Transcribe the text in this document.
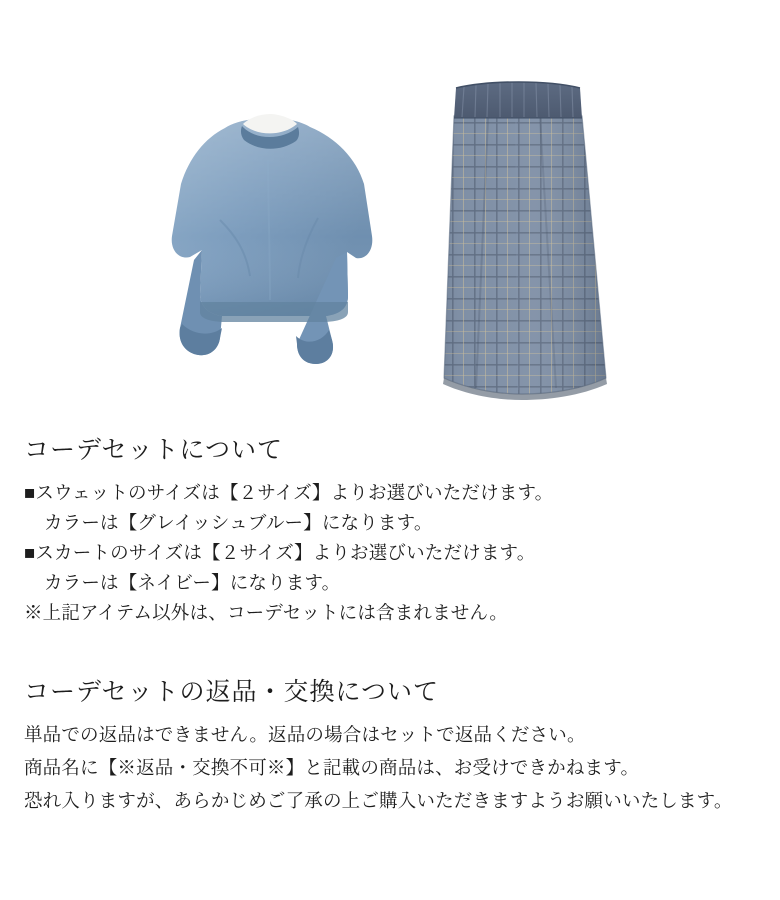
コーデセットについて
■スウェットのサイズは【２サイズ】よりお選びいただけます。
カラーは【グレイッシュブルー】になります。
■スカートのサイズは【２サイズ】よりお選びいただけます。
カラーは【ネイビー】になります。
※上記アイテム以外は、コーデセットには含まれません。
コーデセットの返品・交換について

単品での返品はできません。返品の場合はセットで返品ください。

商品名に【※返品・交換不可※】と記載の商品は、お受けできかねます。

恐れ入りますが、あらかじめご了承の上ご購入いただきますようお願いいたします。
